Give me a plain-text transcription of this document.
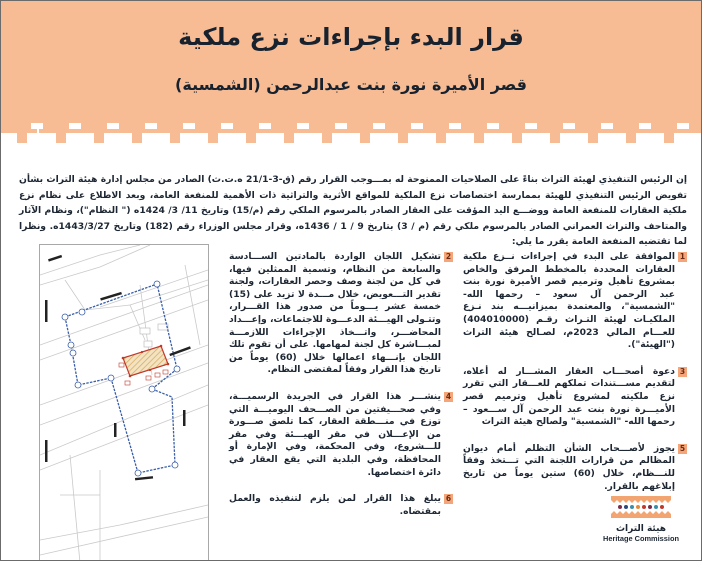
قرار البدء بإجراءات نزع ملكية
قصر الأميرة نورة بنت عبدالرحمن (الشمسية)

إن الرئيس التنفيذي لهيئة التراث بناءً على الصلاحيات الممنوحة له بمـــوجب القرار رقم (ق-3-21/1 ه.ت.ث) الصادر من مجلس إدارة هيئة التراث بشأن تفويض الرئيس التنفيذي للهيئة بممارسة اختصاصات نزع الملكية للمواقع الأثرية والتراثية ذات الأهمية للمنفعة العامة، وبعد الاطلاع على نظام نزع ملكية العقارات للمنفعة العامة ووضـــع اليد المؤقت على العقار الصادر بالمرسوم الملكي رقم (م/15) وتاريخ 11/ 3/ 1424ه (" النظام")، ونظام الآثار والمتاحف والتراث العمراني الصادر بالمرسوم ملكي رقم (م / 3) بتاريخ 9 / 1 / 1436ه، وقرار مجلس الوزراء رقم (182) وتاريخ 1443/3/27ه. ونظرا لما تقتضيه المنفعة العامة يقرر ما يلي:

1
الموافقة على البدء في إجراءات نــزع ملكية العقارات المحددة بالمخطط المرفق والخاص بمشروع تأهيل وترميم قصر الأميرة نورة بنت عبد الرحمن آل سعود – رحمها الله- "الشمسية"، والمعتمدة بميزانيـــه بند نـزع الملكيـات لهيئة التـراث رقـم (404010000) للعـــام المالي 2023م، لصـالح هيئة التراث ("الهيئة").
3
دعوة أصحـــاب العقار المشـــار له أعلاه، لتقديم مســـتندات تملكهم للعـــقار التي تقرر نزع ملكيته لمشروع تأهيل وترميم قصر الأميـــرة نورة بنت عبد الرحمن آل ســـعود – رحمها الله- "الشمسية" ولصالح هيئة التراث
5
يجوز لأصـــحاب الشأن التظلم أمام ديوان المظالم من قرارات اللجنة التي تـــتخذ وفقاً للنـــظام، خلال (60) ستين يوماً من تاريخ إبلاغهم بالقرار.
2
تشكيل اللجان الواردة بالمادتين الســـادسة والسابعة من النظام، وتسمية الممثلين فيها، في كل من لجنة وصف وحصر العقارات، ولجنة تقدير التـــعويض، خلال مـــدة لا تزيد على (15) خمسة عشر يـــوماً من صدور هذا القـــرار، وتتـولى الهيـــئة الدعـــوة للاجتماعات، وإعـــداد المحاضـــر، واتـــخاذ الإجراءات اللازمـــة لمبـــاشرة كل لجنة لمهامها. على أن تقوم تلك اللجان بإنـــهاء اعمالها خلال (60) يوماً من تاريخ هذا القرار وفقاً لمقتضى النظام.
4
ينشـــر هذا القرار في الجريدة الرسميـــة، وفي صحـــيفتين من الصـــحف اليوميـــة التي توزع في منـــطقة العقار، كما تلصق صـــورة من الإعـــلان في مقر الهيـــئة وفي مقر للـــشروع، وفي المحكمة، وفي الإمارة أو المحافظة، وفي البلدية التي يقع العقار في دائرة اختصاصها.
6
يبلغ هذا القرار لمن يلزم لتنفيذه والعمل بمقتضاه.
هيئة التراث
Heritage Commission
